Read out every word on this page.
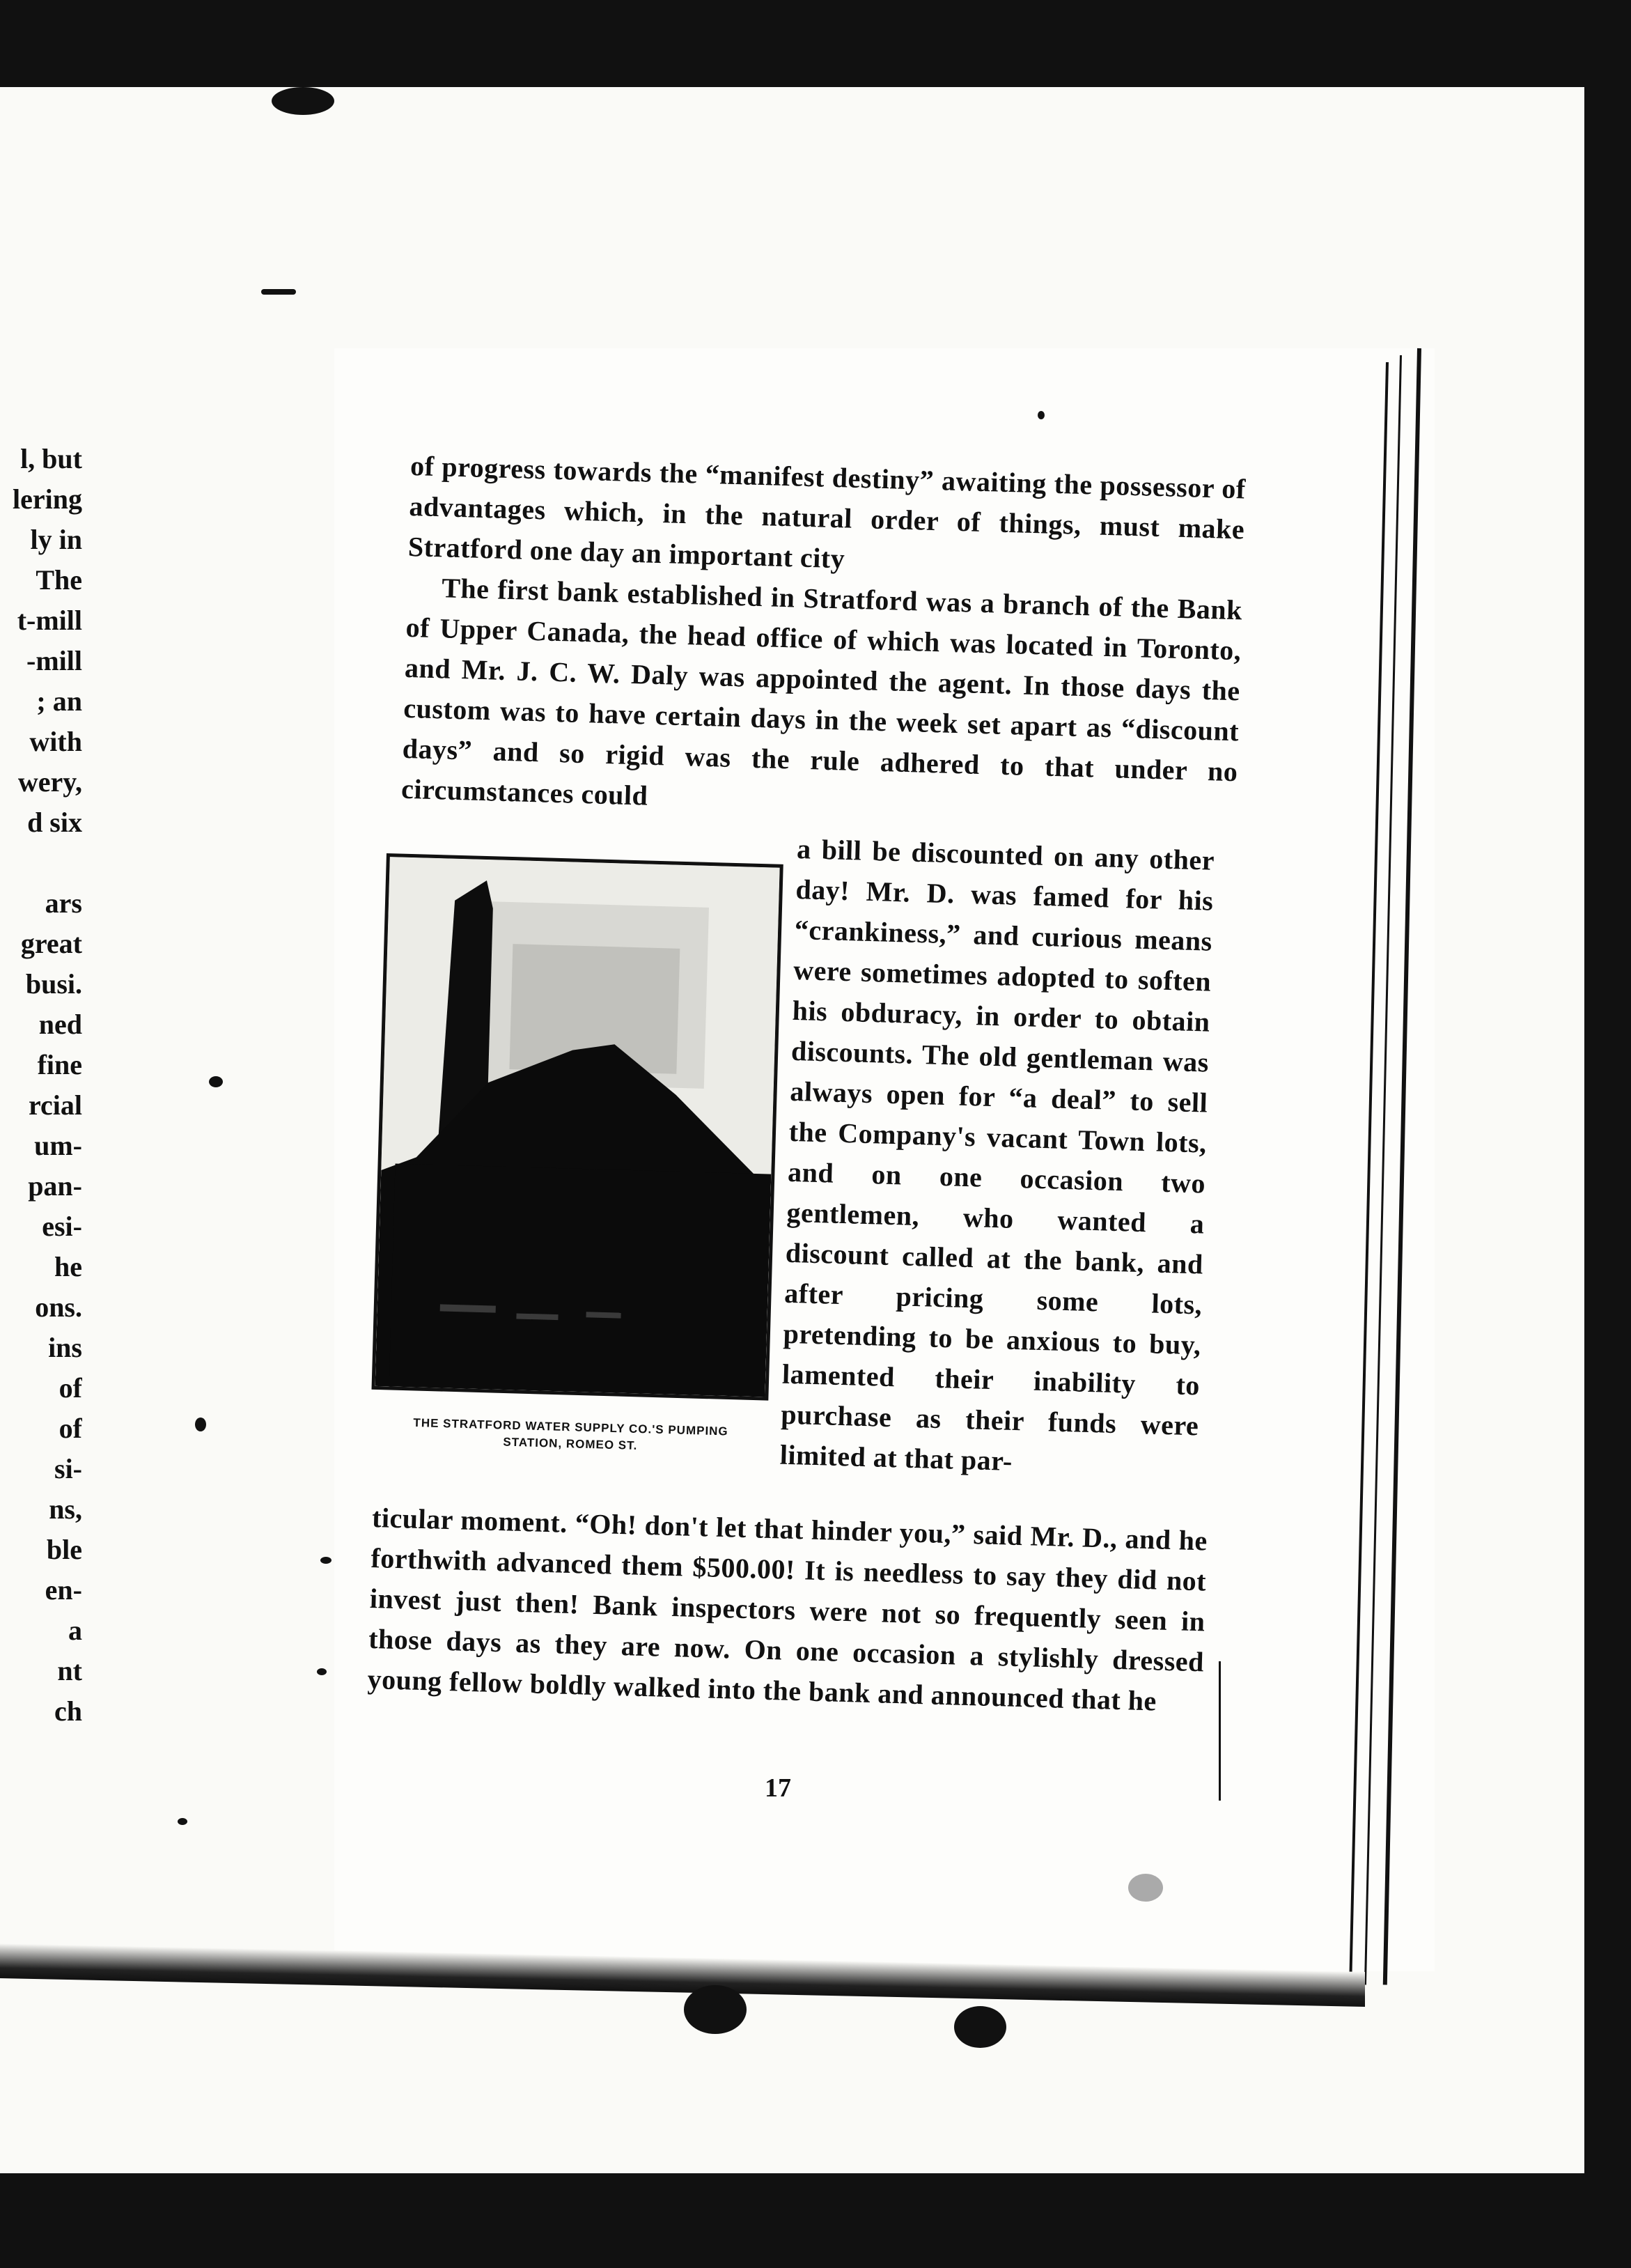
l, but
lering
ly in
The
t-mill
-mill
; an
with
wery,
d six
ars
great
busi.
ned
fine
rcial
um-
pan-
esi-
he
ons.
ins
of
of
si-
ns,
ble
en-
a
nt
ch

of progress towards the “manifest destiny” awaiting the possessor of advantages which, in the natural order of things, must make Stratford one day an important city

The first bank established in Stratford was a branch of the Bank of Upper Canada, the head office of which was located in Toronto, and Mr. J. C. W. Daly was appointed the agent. In those days the custom was to have certain days in the week set apart as “discount days” and so rigid was the rule adhered to that under no circumstances could

THE STRATFORD WATER SUPPLY CO.'S PUMPING STATION, ROMEO ST.
a bill be discounted on any other day! Mr. D. was famed for his “crankiness,” and curious means were sometimes adopted to soften his obduracy, in order to obtain discounts. The old gentleman was always open for “a deal” to sell the Company's vacant Town lots, and on one occasion two gentlemen, who wanted a discount called at the bank, and after pricing some lots, pretending to be anxious to buy, lamented their inability to purchase as their funds were limited at that par-
ticular moment. “Oh! don't let that hinder you,” said Mr. D., and he forthwith advanced them $500.00! It is needless to say they did not invest just then! Bank inspectors were not so frequently seen in those days as they are now. On one occasion a stylishly dressed young fellow boldly walked into the bank and announced that he
17
